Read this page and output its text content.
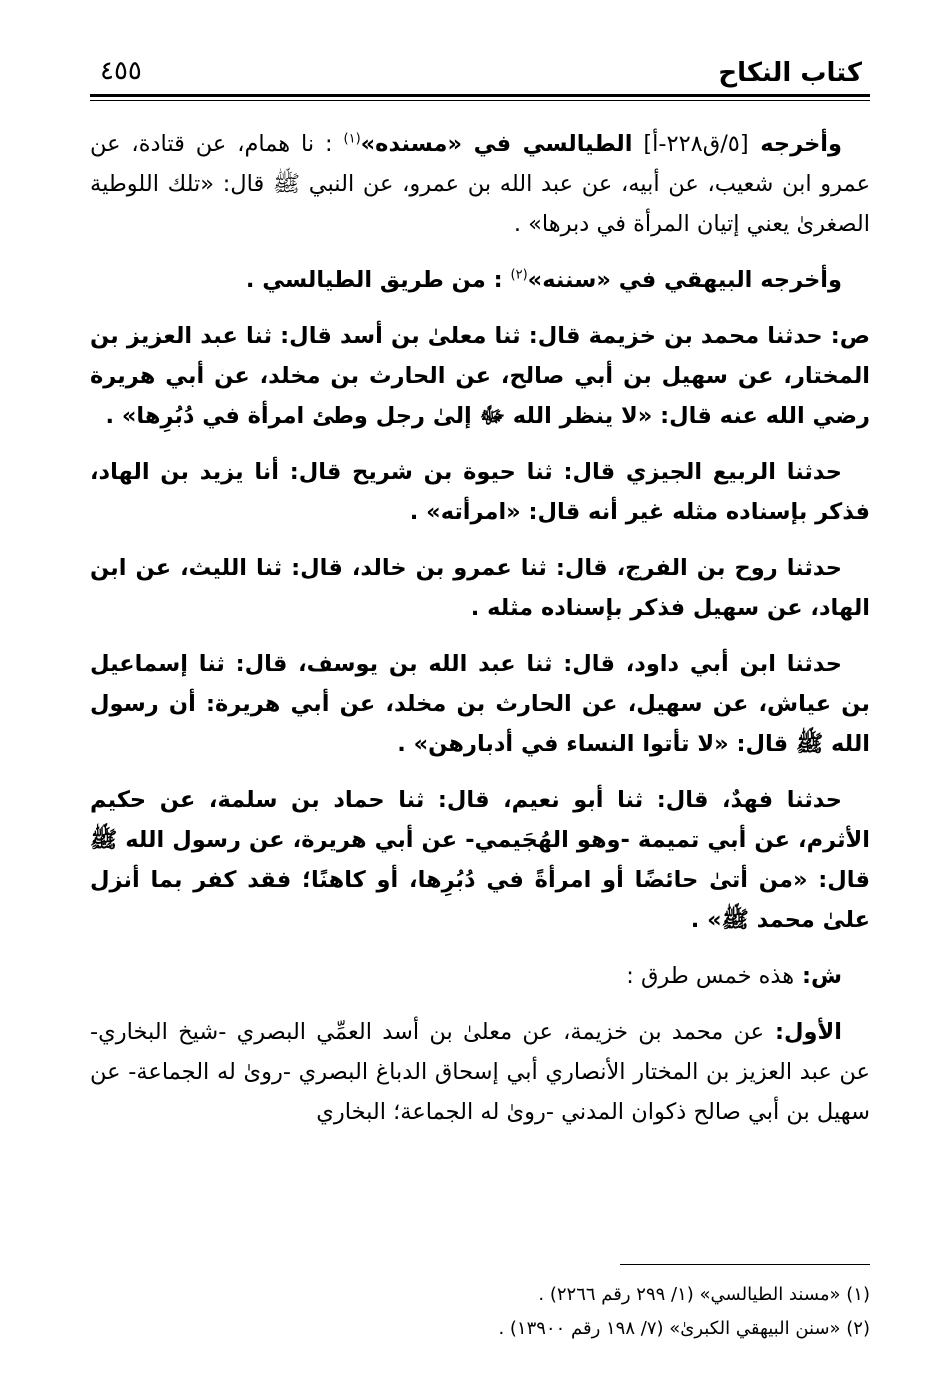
كتاب النكاح
٤٥٥

وأخرجه [٥/ق٢٢٨-أ] الطيالسي في «مسنده»$^{(١)}$ : نا همام، عن قتادة، عن عمرو ابن شعيب، عن أبيه، عن عبد الله بن عمرو، عن النبي ﷺ قال: «تلك اللوطية الصغرىٰ يعني إتيان المرأة في دبرها» .

وأخرجه البيهقي في «سننه»$^{(٢)}$ : من طريق الطيالسي .

ص: حدثنا محمد بن خزيمة قال: ثنا معلىٰ بن أسد قال: ثنا عبد العزيز بن المختار، عن سهيل بن أبي صالح، عن الحارث بن مخلد، عن أبي هريرة رضي الله عنه قال: «لا ينظر الله ﷻ إلىٰ رجل وطئ امرأة في دُبُرِها» .

حدثنا الربيع الجيزي قال: ثنا حيوة بن شريح قال: أنا يزيد بن الهاد، فذكر بإسناده مثله غير أنه قال: «امرأته» .

حدثنا روح بن الفرج، قال: ثنا عمرو بن خالد، قال: ثنا الليث، عن ابن الهاد، عن سهيل فذكر بإسناده مثله .

حدثنا ابن أبي داود، قال: ثنا عبد الله بن يوسف، قال: ثنا إسماعيل بن عياش، عن سهيل، عن الحارث بن مخلد، عن أبي هريرة: أن رسول الله ﷺ قال: «لا تأتوا النساء في أدبارهن» .

حدثنا فهدٌ، قال: ثنا أبو نعيم، قال: ثنا حماد بن سلمة، عن حكيم الأثرم، عن أبي تميمة -وهو الهُجَيمي- عن أبي هريرة، عن رسول الله ﷺ قال: «من أتىٰ حائضًا أو امرأةً في دُبُرِها، أو كاهنًا؛ فقد كفر بما أنزل علىٰ محمد ﷺ» .

ش: هذه خمس طرق :

الأول: عن محمد بن خزيمة، عن معلىٰ بن أسد العمِّي البصري -شيخ البخاري- عن عبد العزيز بن المختار الأنصاري أبي إسحاق الدباغ البصري -روىٰ له الجماعة- عن سهيل بن أبي صالح ذكوان المدني -روىٰ له الجماعة؛ البخاري

(١) «مسند الطيالسي» (١/ ٢٩٩ رقم ٢٢٦٦) .

(٢) «سنن البيهقي الكبرىٰ» (٧/ ١٩٨ رقم ١٣٩٠٠) .
